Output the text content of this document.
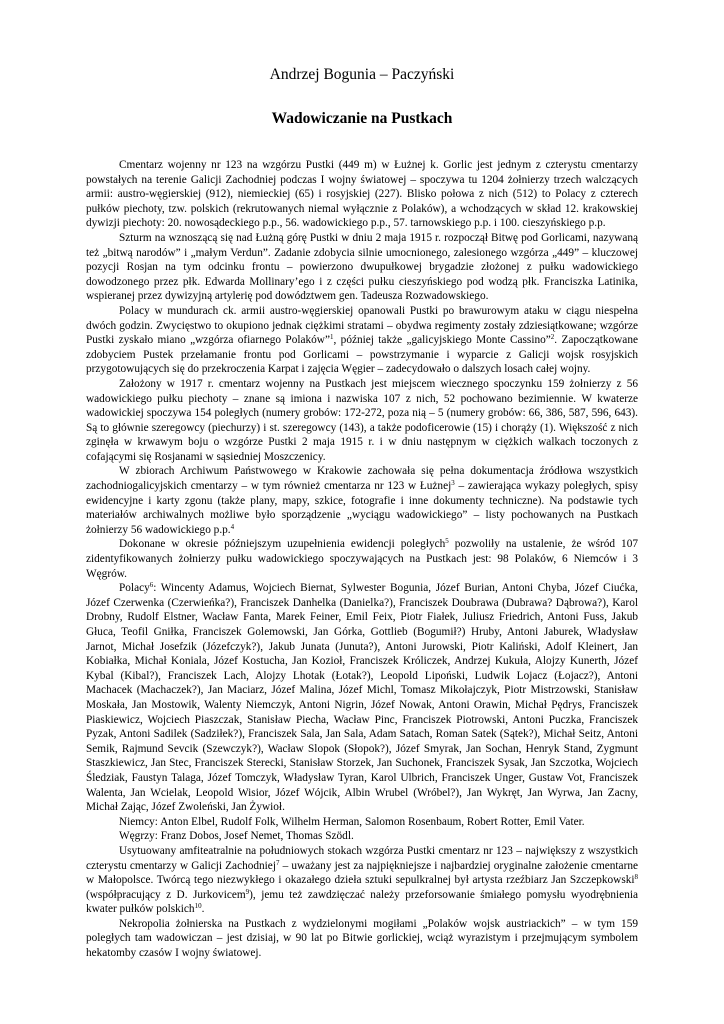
Andrzej Bogunia – Paczyński
Wadowiczanie na Pustkach

Cmentarz wojenny nr 123 na wzgórzu Pustki (449 m) w Łużnej k. Gorlic jest jednym z czterystu cmentarzy powstałych na terenie Galicji Zachodniej podczas I wojny światowej – spoczywa tu 1204 żołnierzy trzech walczących armii: austro-węgierskiej (912), niemieckiej (65) i rosyjskiej (227). Blisko połowa z nich (512) to Polacy z czterech pułków piechoty, tzw. polskich (rekrutowanych niemal wyłącznie z Polaków), a wchodzących w skład 12. krakowskiej dywizji piechoty: 20. nowosądeckiego p.p., 56. wadowickiego p.p., 57. tarnowskiego p.p. i 100. cieszyńskiego p.p.

Szturm na wznoszącą się nad Łużną górę Pustki w dniu 2 maja 1915 r. rozpoczął Bitwę pod Gorlicami, nazywaną też „bitwą narodów” i „małym Verdun”. Zadanie zdobycia silnie umocnionego, zalesionego wzgórza „449” – kluczowej pozycji Rosjan na tym odcinku frontu – powierzono dwupułkowej brygadzie złożonej z pułku wadowickiego dowodzonego przez płk. Edwarda Mollinary’ego i z części pułku cieszyńskiego pod wodzą płk. Franciszka Latinika, wspieranej przez dywizyjną artylerię pod dowództwem gen. Tadeusza Rozwadowskiego.

Polacy w mundurach ck. armii austro-węgierskiej opanowali Pustki po brawurowym ataku w ciągu niespełna dwóch godzin. Zwycięstwo to okupiono jednak ciężkimi stratami – obydwa regimenty zostały zdziesiątkowane; wzgórze Pustki zyskało miano „wzgórza ofiarnego Polaków”$^1$, później także „galicyjskiego Monte Cassino”$^2$. Zapoczątkowane zdobyciem Pustek przełamanie frontu pod Gorlicami – powstrzymanie i wyparcie z Galicji wojsk rosyjskich przygotowujących się do przekroczenia Karpat i zajęcia Węgier – zadecydowało o dalszych losach całej wojny.

Założony w 1917 r. cmentarz wojenny na Pustkach jest miejscem wiecznego spoczynku 159 żołnierzy z 56 wadowickiego pułku piechoty – znane są imiona i nazwiska 107 z nich, 52 pochowano bezimiennie. W kwaterze wadowickiej spoczywa 154 poległych (numery grobów: 172-272, poza nią – 5 (numery grobów: 66, 386, 587, 596, 643). Są to głównie szeregowcy (piechurzy) i st. szeregowcy (143), a także podoficerowie (15) i chorąży (1). Większość z nich zginęła w krwawym boju o wzgórze Pustki 2 maja 1915 r. i w dniu następnym w ciężkich walkach toczonych z cofającymi się Rosjanami w sąsiedniej Moszczenicy.

W zbiorach Archiwum Państwowego w Krakowie zachowała się pełna dokumentacja źródłowa wszystkich zachodniogalicyjskich cmentarzy – w tym również cmentarza nr 123 w Łużnej$^3$ – zawierająca wykazy poległych, spisy ewidencyjne i karty zgonu (także plany, mapy, szkice, fotografie i inne dokumenty techniczne). Na podstawie tych materiałów archiwalnych możliwe było sporządzenie „wyciągu wadowickiego” – listy pochowanych na Pustkach żołnierzy 56 wadowickiego p.p.$^4$

Dokonane w okresie późniejszym uzupełnienia ewidencji poległych$^5$ pozwoliły na ustalenie, że wśród 107 zidentyfikowanych żołnierzy pułku wadowickiego spoczywających na Pustkach jest: 98 Polaków, 6 Niemców i 3 Węgrów.

Polacy$^6$: Wincenty Adamus, Wojciech Biernat, Sylwester Bogunia, Józef Burian, Antoni Chyba, Józef Ciućka, Józef Czerwenka (Czerwieńka?), Franciszek Danhelka (Danielka?), Franciszek Doubrawa (Dubrawa? Dąbrowa?), Karol Drobny, Rudolf Elstner, Wacław Fanta, Marek Feiner, Emil Feix, Piotr Fiałek, Juliusz Friedrich, Antoni Fuss, Jakub Głuca, Teofil Gniłka, Franciszek Golemowski, Jan Górka, Gottlieb (Bogumił?) Hruby, Antoni Jaburek, Władysław Jarnot, Michał Josefzik (Józefczyk?), Jakub Junata (Junuta?), Antoni Jurowski, Piotr Kaliński, Adolf Kleinert, Jan Kobiałka, Michał Koniala, Józef Kostucha, Jan Kozioł, Franciszek Króliczek, Andrzej Kukuła, Alojzy Kunerth, Józef Kybal (Kibal?), Franciszek Lach, Alojzy Lhotak (Łotak?), Leopold Lipoński, Ludwik Lojacz (Łojacz?), Antoni Machacek (Machaczek?), Jan Maciarz, Józef Malina, Józef Michl, Tomasz Mikołajczyk, Piotr Mistrzowski, Stanisław Moskała, Jan Mostowik, Walenty Niemczyk, Antoni Nigrin, Józef Nowak, Antoni Orawin, Michał Pędrys, Franciszek Piaskiewicz, Wojciech Piaszczak, Stanisław Piecha, Wacław Pinc, Franciszek Piotrowski, Antoni Puczka, Franciszek Pyzak, Antoni Sadilek (Sadziłek?), Franciszek Sala, Jan Sala, Adam Satach, Roman Satek (Sątek?), Michał Seitz, Antoni Semik, Rajmund Sevcik (Szewczyk?), Wacław Slopok (Słopok?), Józef Smyrak, Jan Sochan, Henryk Stand, Zygmunt Staszkiewicz, Jan Stec, Franciszek Sterecki, Stanisław Storzek, Jan Suchonek, Franciszek Sysak, Jan Szczotka, Wojciech Śledziak, Faustyn Talaga, Józef Tomczyk, Władysław Tyran, Karol Ulbrich, Franciszek Unger, Gustaw Vot, Franciszek Walenta, Jan Wcielak, Leopold Wisior, Józef Wójcik, Albin Wrubel (Wróbel?), Jan Wykręt, Jan Wyrwa, Jan Zacny, Michał Zając, Józef Zwoleński, Jan Żywioł.

Niemcy: Anton Elbel, Rudolf Folk, Wilhelm Herman, Salomon Rosenbaum, Robert Rotter, Emil Vater.

Węgrzy: Franz Dobos, Josef Nemet, Thomas Szödl.

Usytuowany amfiteatralnie na południowych stokach wzgórza Pustki cmentarz nr 123 – największy z wszystkich czterystu cmentarzy w Galicji Zachodniej$^7$ – uważany jest za najpiękniejsze i najbardziej oryginalne założenie cmentarne w Małopolsce. Twórcą tego niezwykłego i okazałego dzieła sztuki sepulkralnej był artysta rzeźbiarz Jan Szczepkowski$^8$ (współpracujący z D. Jurkovicem$^9$), jemu też zawdzięczać należy przeforsowanie śmiałego pomysłu wyodrębnienia kwater pułków polskich$^{10}$.

Nekropolia żołnierska na Pustkach z wydzielonymi mogiłami „Polaków wojsk austriackich” – w tym 159 poległych tam wadowiczan – jest dzisiaj, w 90 lat po Bitwie gorlickiej, wciąż wyrazistym i przejmującym symbolem hekatomby czasów I wojny światowej.
